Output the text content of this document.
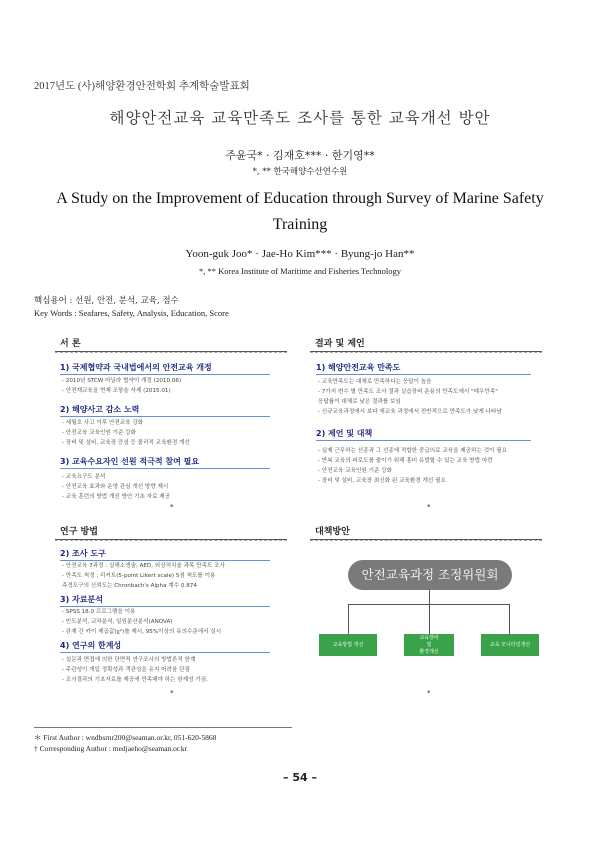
2017년도 (사)해양환경안전학회 추계학술발표회
해양안전교육 교육만족도 조사를 통한 교육개선 방안
주윤국* · 김재호*** · 한기영**
*, ** 한국해양수산연수원
A Study on the Improvement of Education through Survey of Marine Safety Training
Yoon-guk Joo* · Jae-Ho Kim*** · Byung-jo Han**
*, ** Korea Institute of Maritime and Fisheries Technology
핵심용어 : 선원, 안전, 분석, 교육, 점수
Key Words : Seafares, Safety, Analysis, Education, Score
서 론
1) 국제협약과 국내법에서의 안전교육 개정
- 2010년 STCW 마닐라 협약이 개정 (2010.06)
- 안전재교육을 면제 조항을 삭제 (2015.01)
2) 해양사고 감소 노력
- 세월호 사고 이후 안전교육 강화
- 안전교육 교육인원 기준 강화
- 장비 및 설비, 교육장 증설 등 물리적 교육환경 개선
3) 교육수요자인 선원 적극적 참여 필요
- 교육요구도 분석
- 안전교육 효과와 운영 관심 개선 방향 제시
- 교육 훈련의 방법 개선 방안 기초 자료 제공
▪
결과 및 제언
1) 해양안전교육 만족도
- 교육만족도는 대체로 만족하다는 응답이 높음
- 7가지 변수 별 만족도 조사 결과 실습장비 운용의 만족도에서 "매우만족"
응답률이 대체로 낮은 결과를 보임
- 신규교육과정에서 보다 재교육 과정에서 전반적으로 만족도가 낮게 나타남
2) 제언 및 대책
- 실제 근무하는 선종과 그 선종에 적합한 중급의료 교육을 제공하는 것이 필요
- 반복 교육의 피로도를 줄이기 위해 흥미 유발할 수 있는 교육 방법 마련
- 안전교육 교육인원 기준 강화
- 장비 및 설비, 교육장 최신화 된 교육환경 개선 필요
▪
연구 방법
2) 조사 도구
- 안전교육 7과정 : 실해소생술, AED, 외상처치술 과목 만족도 조사
- 만족도 척정 : 리커트(5-point Likert scale) 5점 척도를 이용
측정도구의 신뢰도는 Chronbach's Alpha 계수 0.874
3) 자료분석
- SPSS 18.0 프로그램을 이용
- 빈도분석, 교차분석, 일원분산분석(ANOVA)
- 관계 간 카이 제곱값(χ²)를 제시, 95%이상의 유의수준에서 실시
4) 연구의 한계성
- 설문과 면접에 의한 단면적 연구조사의 방법론적 한계
- 주관성이 개입 정확성과 객관성을 유지 어려움 단점
- 조사결과의 기초자료를 제공에 만족해야 하는 한계성 가짐.
▪
대책방안
안전교육과정 조정위원회
교육방법 개선
교육장비
및
환경개선
교육 모니터링개선
▪
＊ First Author : wndbsrnr200@seaman.or.kr, 051-620-5868
† Corresponding Author : medjaeho@seaman.or.kr
– 54 –
